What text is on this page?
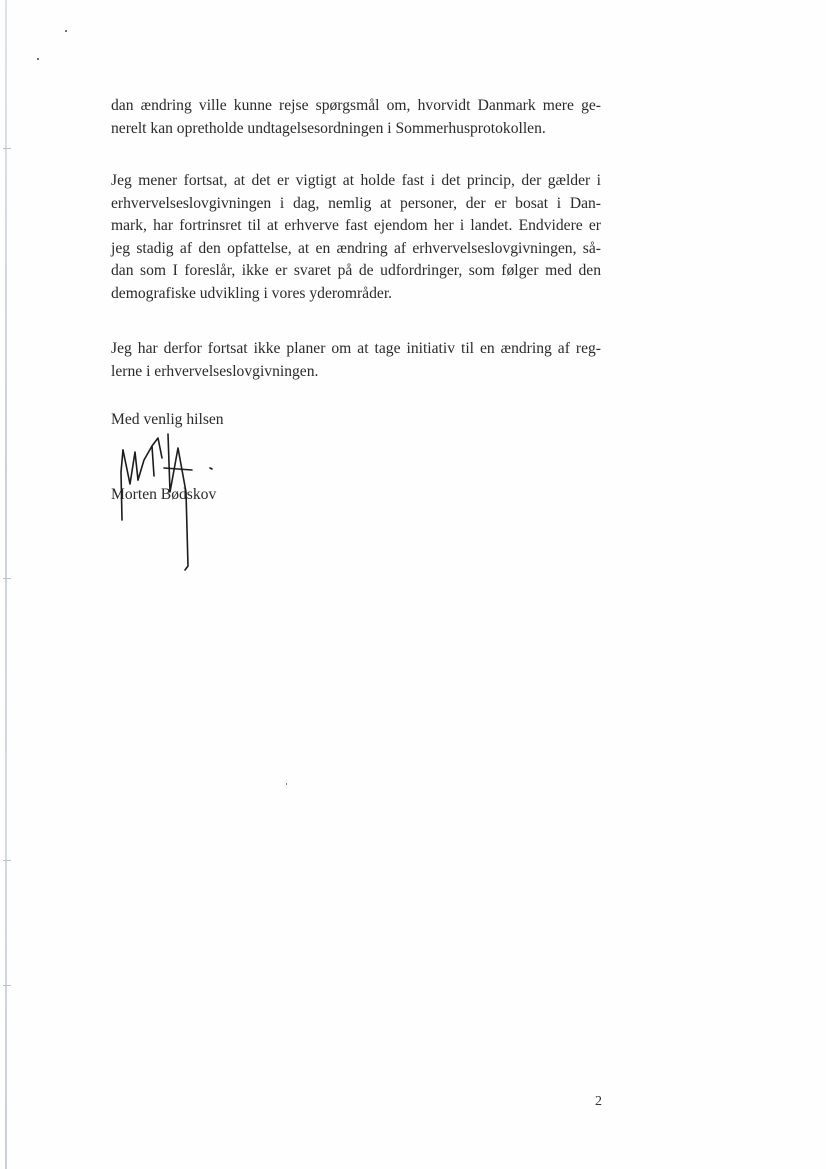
dan ændring ville kunne rejse spørgsmål om, hvorvidt Danmark mere ge-
nerelt kan opretholde undtagelsesordningen i Sommerhusprotokollen.
Jeg mener fortsat, at det er vigtigt at holde fast i det princip, der gælder i
erhvervelseslovgivningen i dag, nemlig at personer, der er bosat i Dan-
mark, har fortrinsret til at erhverve fast ejendom her i landet. Endvidere er
jeg stadig af den opfattelse, at en ændring af erhvervelseslovgivningen, så-
dan som I foreslår, ikke er svaret på de udfordringer, som følger med den
demografiske udvikling i vores yderområder.
Jeg har derfor fortsat ikke planer om at tage initiativ til en ændring af reg-
lerne i erhvervelseslovgivningen.
Med venlig hilsen
Morten Bødskov
2
